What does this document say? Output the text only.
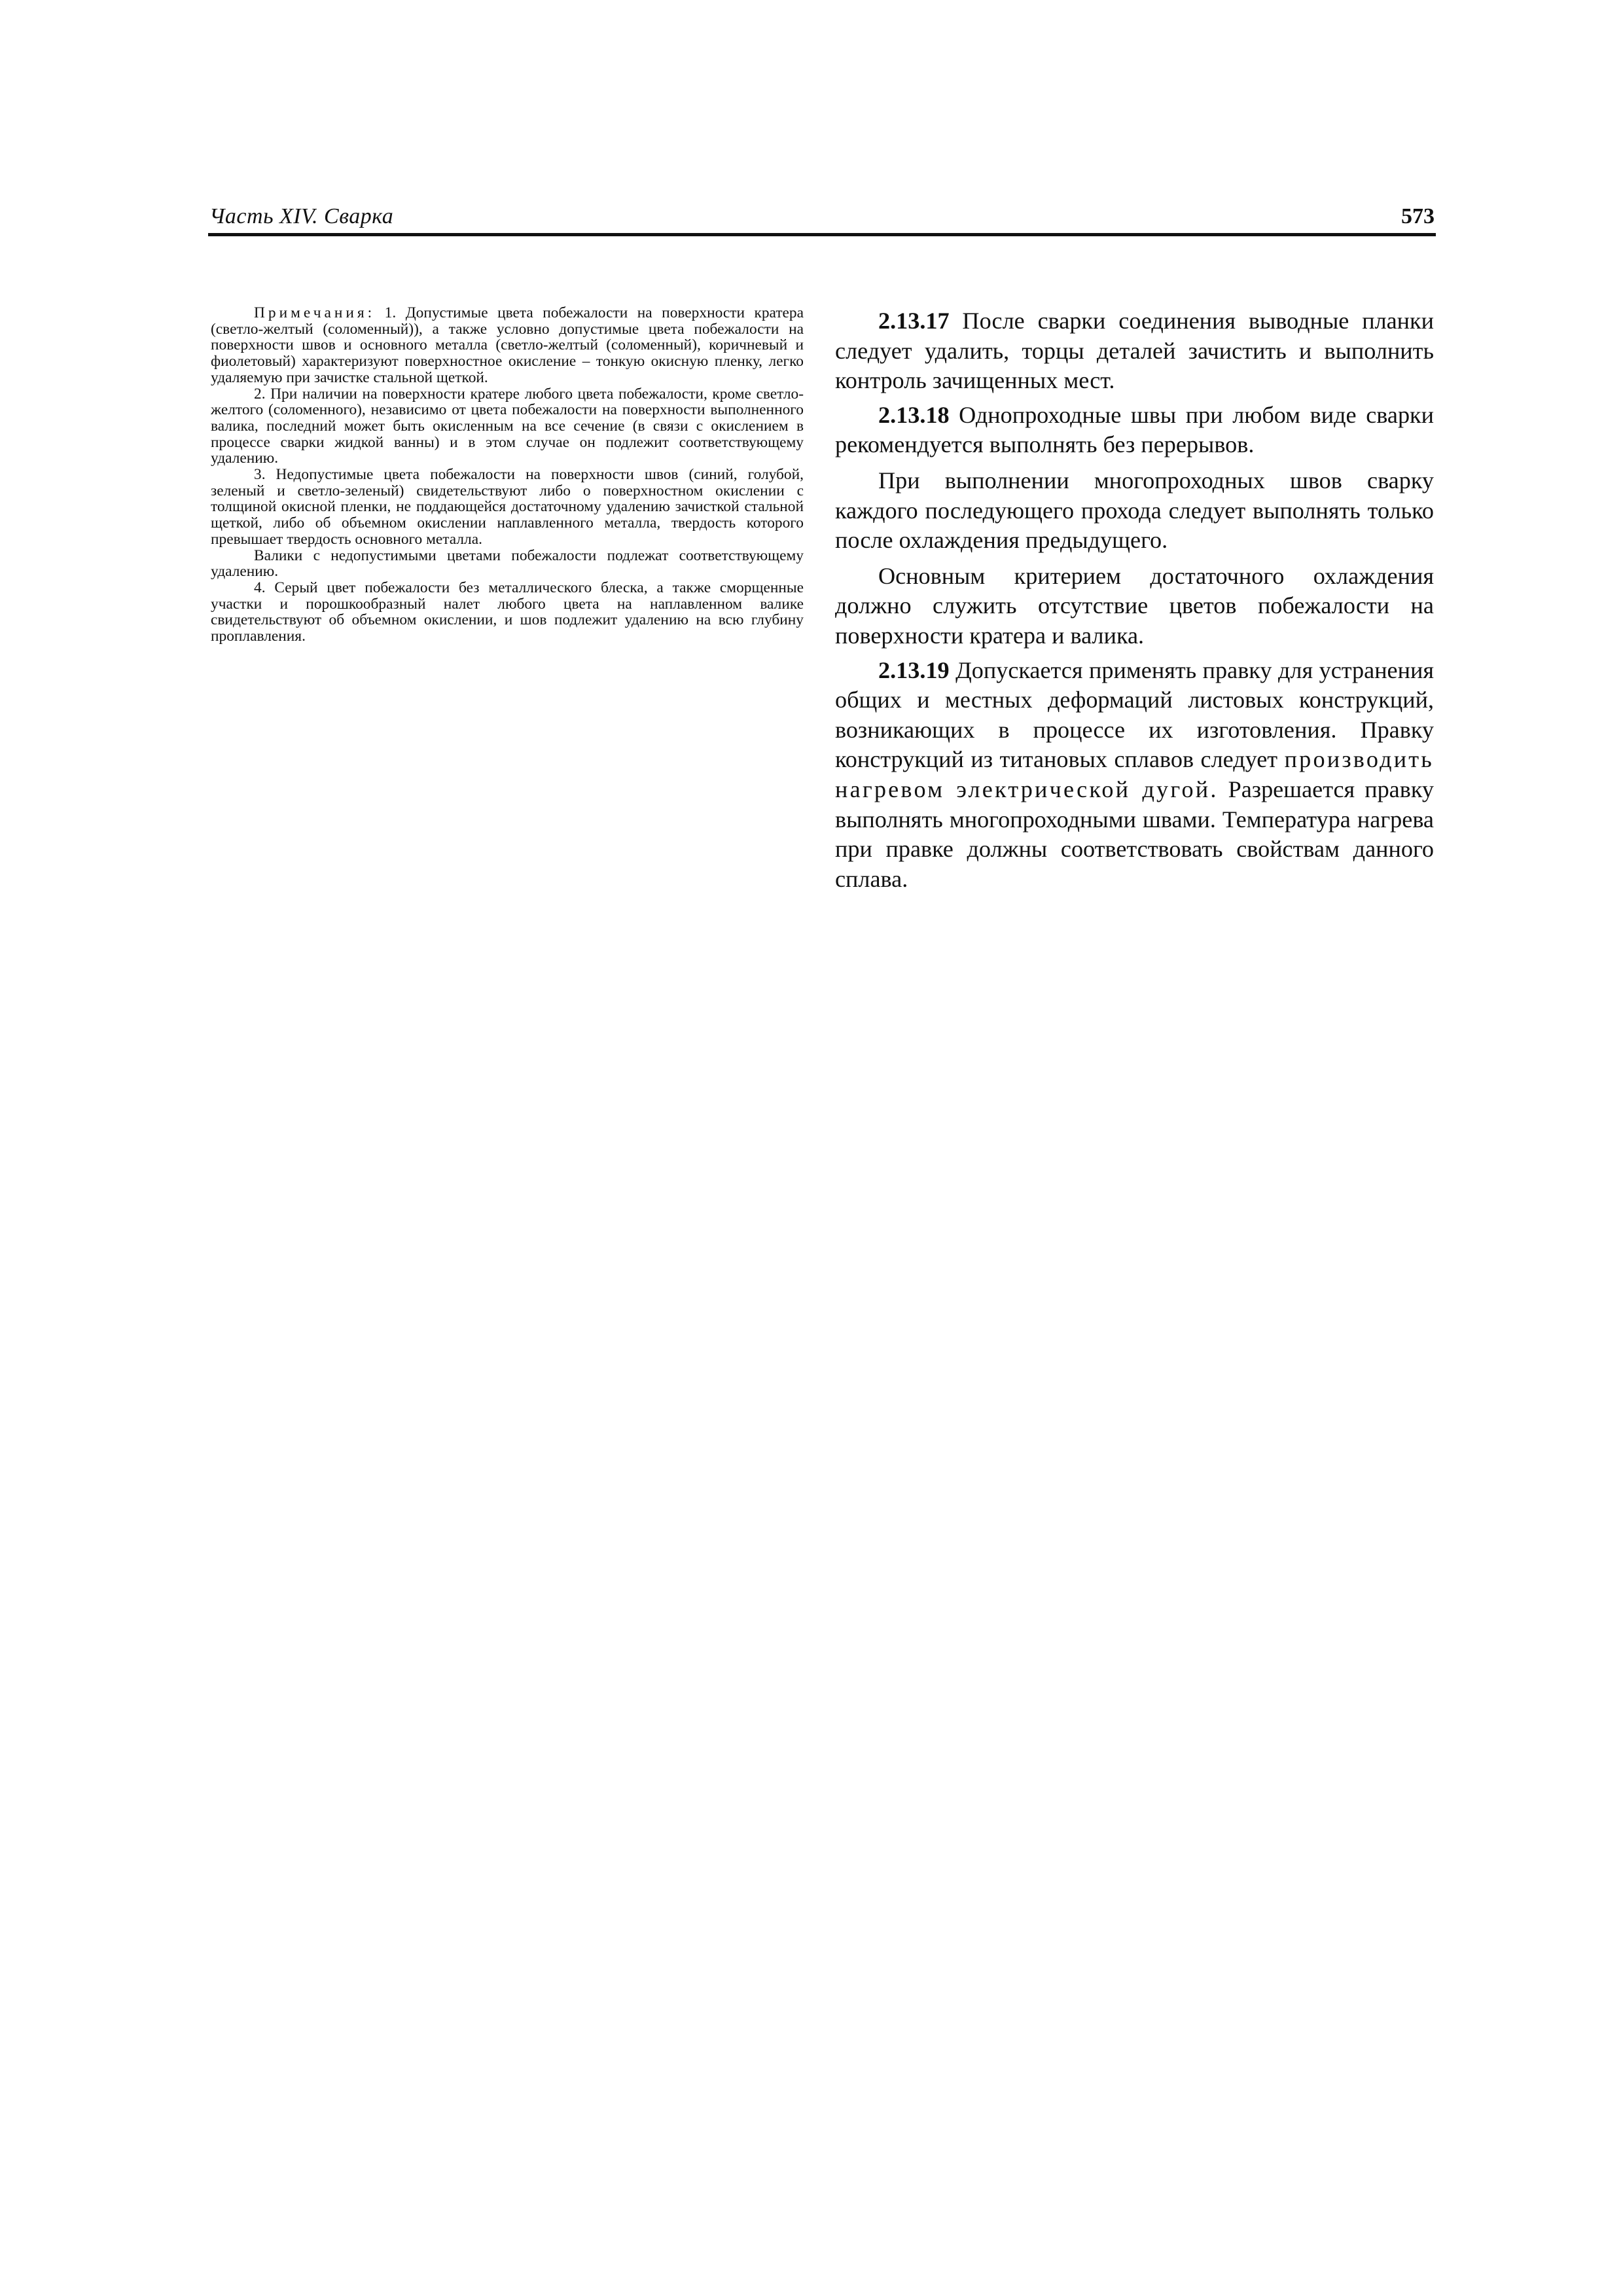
Часть XIV. Сварка	573

Примечания: 1. Допустимые цвета побежалости на поверхности кратера (светло-желтый (соломенный)), а также условно допустимые цвета побежалости на поверхности швов и основного металла (светло-желтый (соломенный), коричневый и фиолетовый) характеризуют поверхностное окисление – тонкую окисную пленку, легко удаляемую при зачистке стальной щеткой.

2. При наличии на поверхности кратере любого цвета побежалости, кроме светло-желтого (соломенного), независимо от цвета побежалости на поверхности выполненного валика, последний может быть окисленным на все сечение (в связи с окислением в процессе сварки жидкой ванны) и в этом случае он подлежит соответствующему удалению.

3. Недопустимые цвета побежалости на поверхности швов (синий, голубой, зеленый и светло-зеленый) свидетельствуют либо о поверхностном окислении с толщиной окисной пленки, не поддающейся достаточному удалению зачисткой стальной щеткой, либо об объемном окислении наплавленного металла, твердость которого превышает твердость основного металла.

Валики с недопустимыми цветами побежалости подлежат соответствующему удалению.

4. Серый цвет побежалости без металлического блеска, а также сморщенные участки и порошкообразный налет любого цвета на наплавленном валике свидетельствуют об объемном окислении, и шов подлежит удалению на всю глубину проплавления.

2.13.17 После сварки соединения выводные планки следует удалить, торцы деталей зачистить и выполнить контроль зачищенных мест.

2.13.18 Однопроходные швы при любом виде сварки рекомендуется выполнять без перерывов.

При выполнении многопроходных швов сварку каждого последующего прохода следует выполнять только после охлаждения предыдущего.

Основным критерием достаточного охлаждения должно служить отсутствие цветов побежалости на поверхности кратера и валика.

2.13.19 Допускается применять правку для устранения общих и местных деформаций листовых конструкций, возникающих в процессе их изготовления. Правку конструкций из титановых сплавов следует производить нагревом электрической дугой. Разрешается правку выполнять многопроходными швами. Температура нагрева при правке должны соответствовать свойствам данного сплава.
